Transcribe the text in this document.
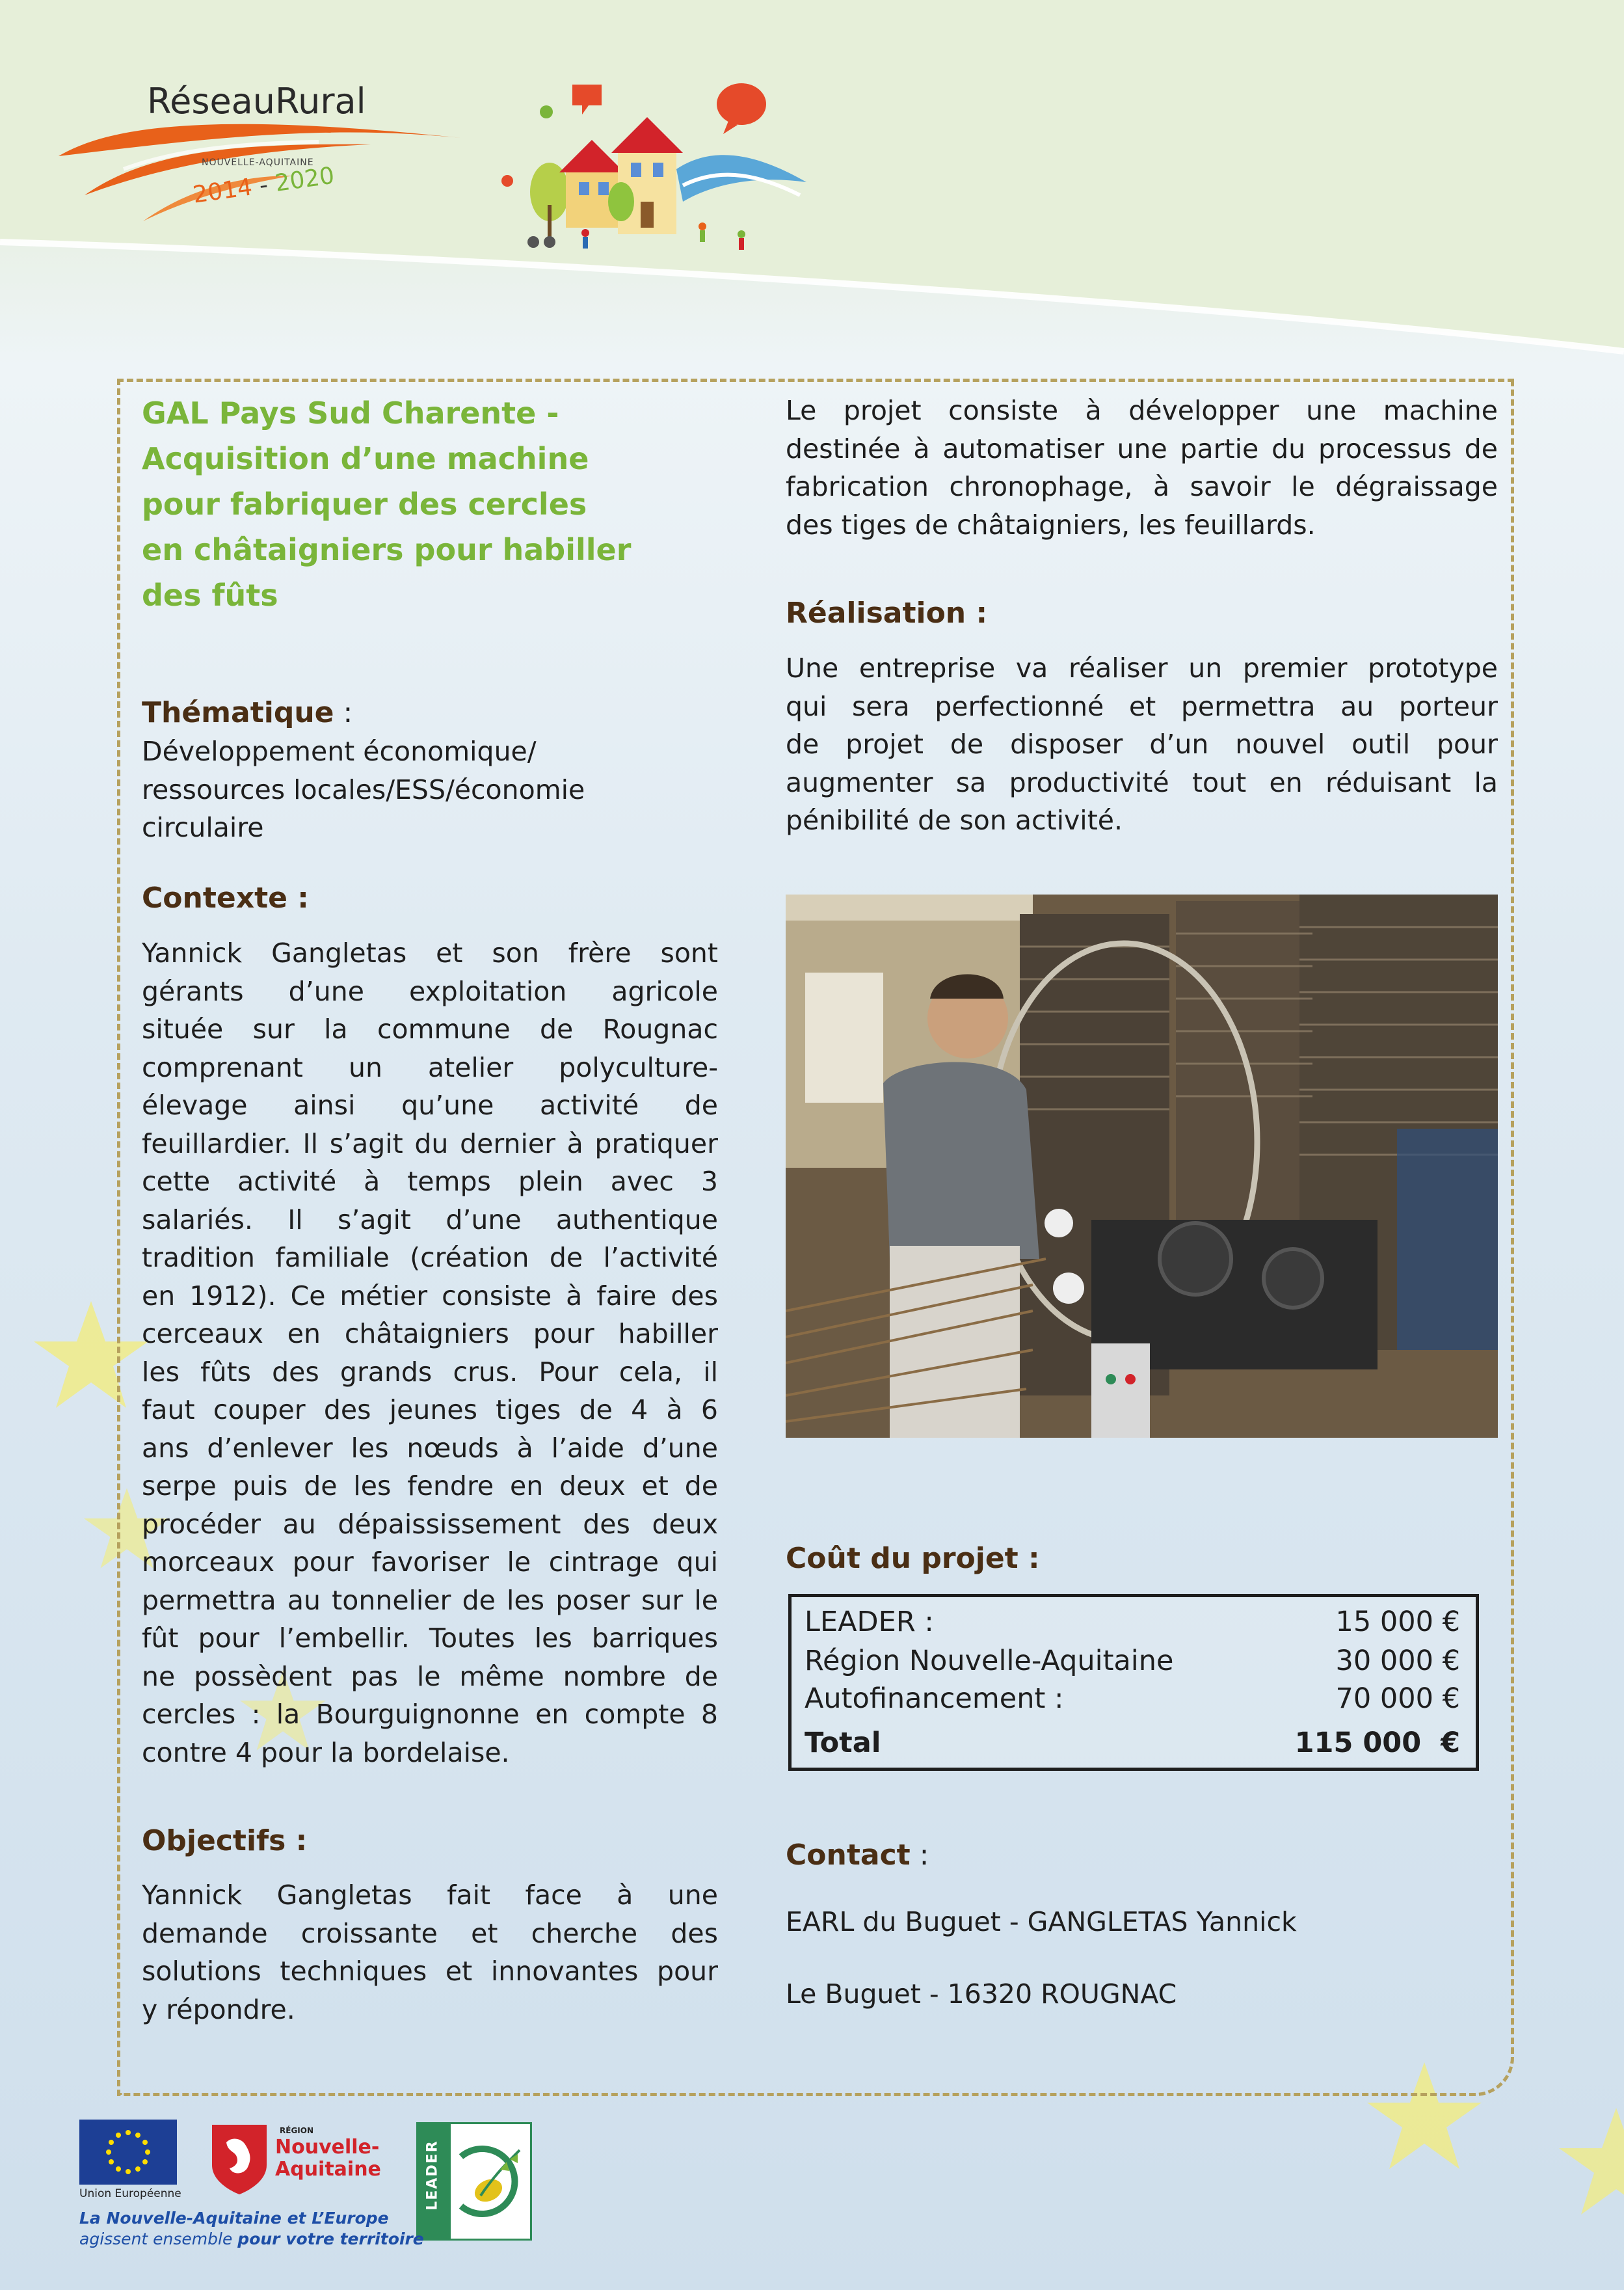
RéseauRural
NOUVELLE-AQUITAINE
2014 - 2020

GAL Pays Sud Charente -

Acquisition d’une machine

pour fabriquer des cercles

en châtaigniers pour habiller

des fûts

Thématique :

Développement économique/

ressources locales/ESS/économie

circulaire

Contexte :

Yannick Gangletas et son frère sont

gérants d’une exploitation agricole

située sur la commune de Rougnac

comprenant un atelier polyculture-

élevage ainsi qu’une activité de

feuillardier. Il s’agit du dernier à pratiquer

cette activité à temps plein avec 3

salariés. Il s’agit d’une authentique

tradition familiale (création de l’activité

en 1912). Ce métier consiste à faire des

cerceaux en châtaigniers pour habiller

les fûts des grands crus. Pour cela, il

faut couper des jeunes tiges de 4 à 6

ans d’enlever les nœuds à l’aide d’une

serpe puis de les fendre en deux et de

procéder au dépaississement des deux

morceaux pour favoriser le cintrage qui

permettra au tonnelier de les poser sur le

fût pour l’embellir. Toutes les barriques

ne possèdent pas le même nombre de

cercles : la Bourguignonne en compte 8

contre 4 pour la bordelaise.

Objectifs :

Yannick Gangletas fait face à une

demande croissante et cherche des

solutions techniques et innovantes pour

y répondre.

Le projet consiste à développer une machine

destinée à automatiser une partie du processus de

fabrication chronophage, à savoir le dégraissage

des tiges de châtaigniers, les feuillards.

Réalisation :

Une entreprise va réaliser un premier prototype

qui sera perfectionné et permettra au porteur

de projet de disposer d’un nouvel outil pour

augmenter sa productivité tout en réduisant la

pénibilité de son activité.

Coût du projet :

LEADER :	15 000 €
Région Nouvelle-Aquitaine	30 000 €
Autofinancement :	70 000 €
Total	115 000  €

Contact :

EARL du Buguet - GANGLETAS Yannick

Le Buguet - 16320 ROUGNAC

Union Européenne
RÉGION
Nouvelle-
Aquitaine	LEADER
La Nouvelle-Aquitaine et L’Europe
agissent ensemble pour votre territoire
